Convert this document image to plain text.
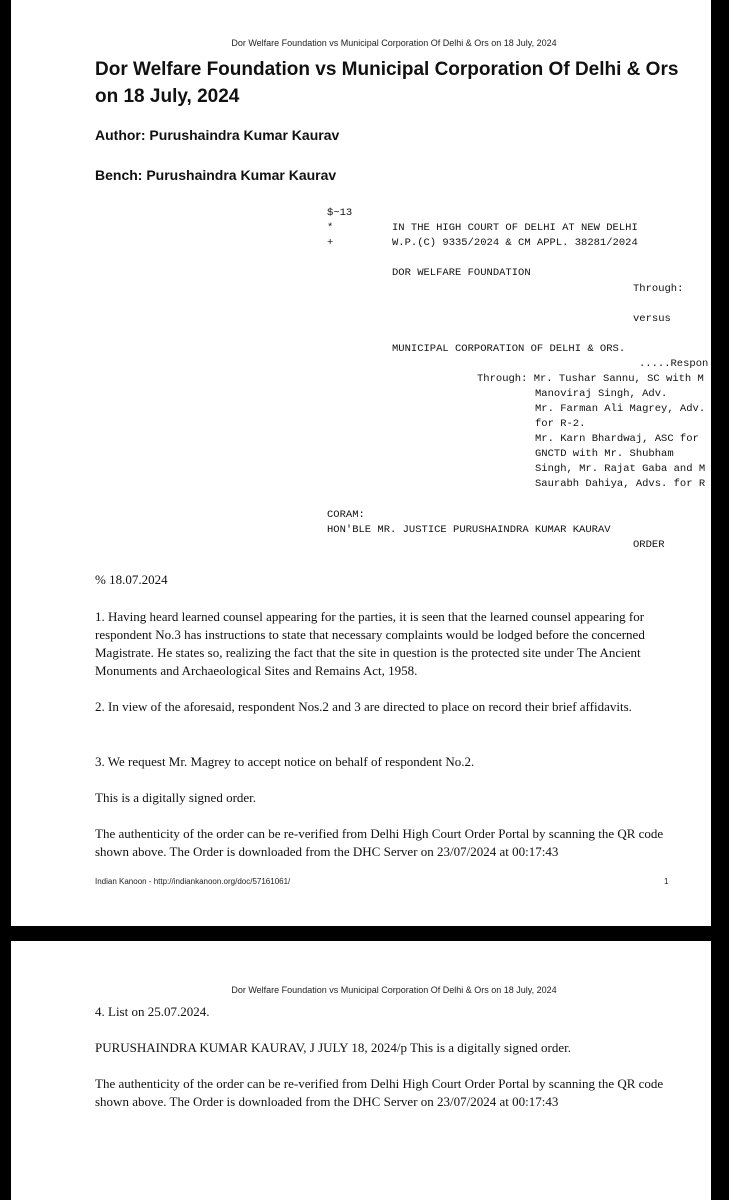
Dor Welfare Foundation vs Municipal Corporation Of Delhi & Ors on 18 July, 2024
Dor Welfare Foundation vs Municipal Corporation Of Delhi & Ors
on 18 July, 2024

Author: Purushaindra Kumar Kaurav

Bench: Purushaindra Kumar Kaurav

$~13
*
+
IN THE HIGH COURT OF DELHI AT NEW DELHI
W.P.(C) 9335/2024 & CM APPL. 38281/2024
DOR WELFARE FOUNDATION
Through:
versus
MUNICIPAL CORPORATION OF DELHI & ORS.
.....Respon
Through: Mr. Tushar Sannu, SC with M
Manoviraj Singh, Adv.
Mr. Farman Ali Magrey, Adv.
for R-2.
Mr. Karn Bhardwaj, ASC for
GNCTD with Mr. Shubham
Singh, Mr. Rajat Gaba and M
Saurabh Dahiya, Advs. for R
CORAM:
HON'BLE MR. JUSTICE PURUSHAINDRA KUMAR KAURAV
ORDER

% 18.07.2024

1. Having heard learned counsel appearing for the parties, it is seen that the learned counsel appearing for respondent No.3 has instructions to state that necessary complaints would be lodged before the concerned Magistrate. He states so, realizing the fact that the site in question is the protected site under The Ancient Monuments and Archaeological Sites and Remains Act, 1958.

2. In view of the aforesaid, respondent Nos.2 and 3 are directed to place on record their brief affidavits.

3. We request Mr. Magrey to accept notice on behalf of respondent No.2.

This is a digitally signed order.

The authenticity of the order can be re-verified from Delhi High Court Order Portal by scanning the QR code shown above. The Order is downloaded from the DHC Server on 23/07/2024 at 00:17:43

Indian Kanoon - http://indiankanoon.org/doc/57161061/	1
Dor Welfare Foundation vs Municipal Corporation Of Delhi & Ors on 18 July, 2024

4. List on 25.07.2024.

PURUSHAINDRA KUMAR KAURAV, J JULY 18, 2024/p This is a digitally signed order.

The authenticity of the order can be re-verified from Delhi High Court Order Portal by scanning the QR code shown above. The Order is downloaded from the DHC Server on 23/07/2024 at 00:17:43
